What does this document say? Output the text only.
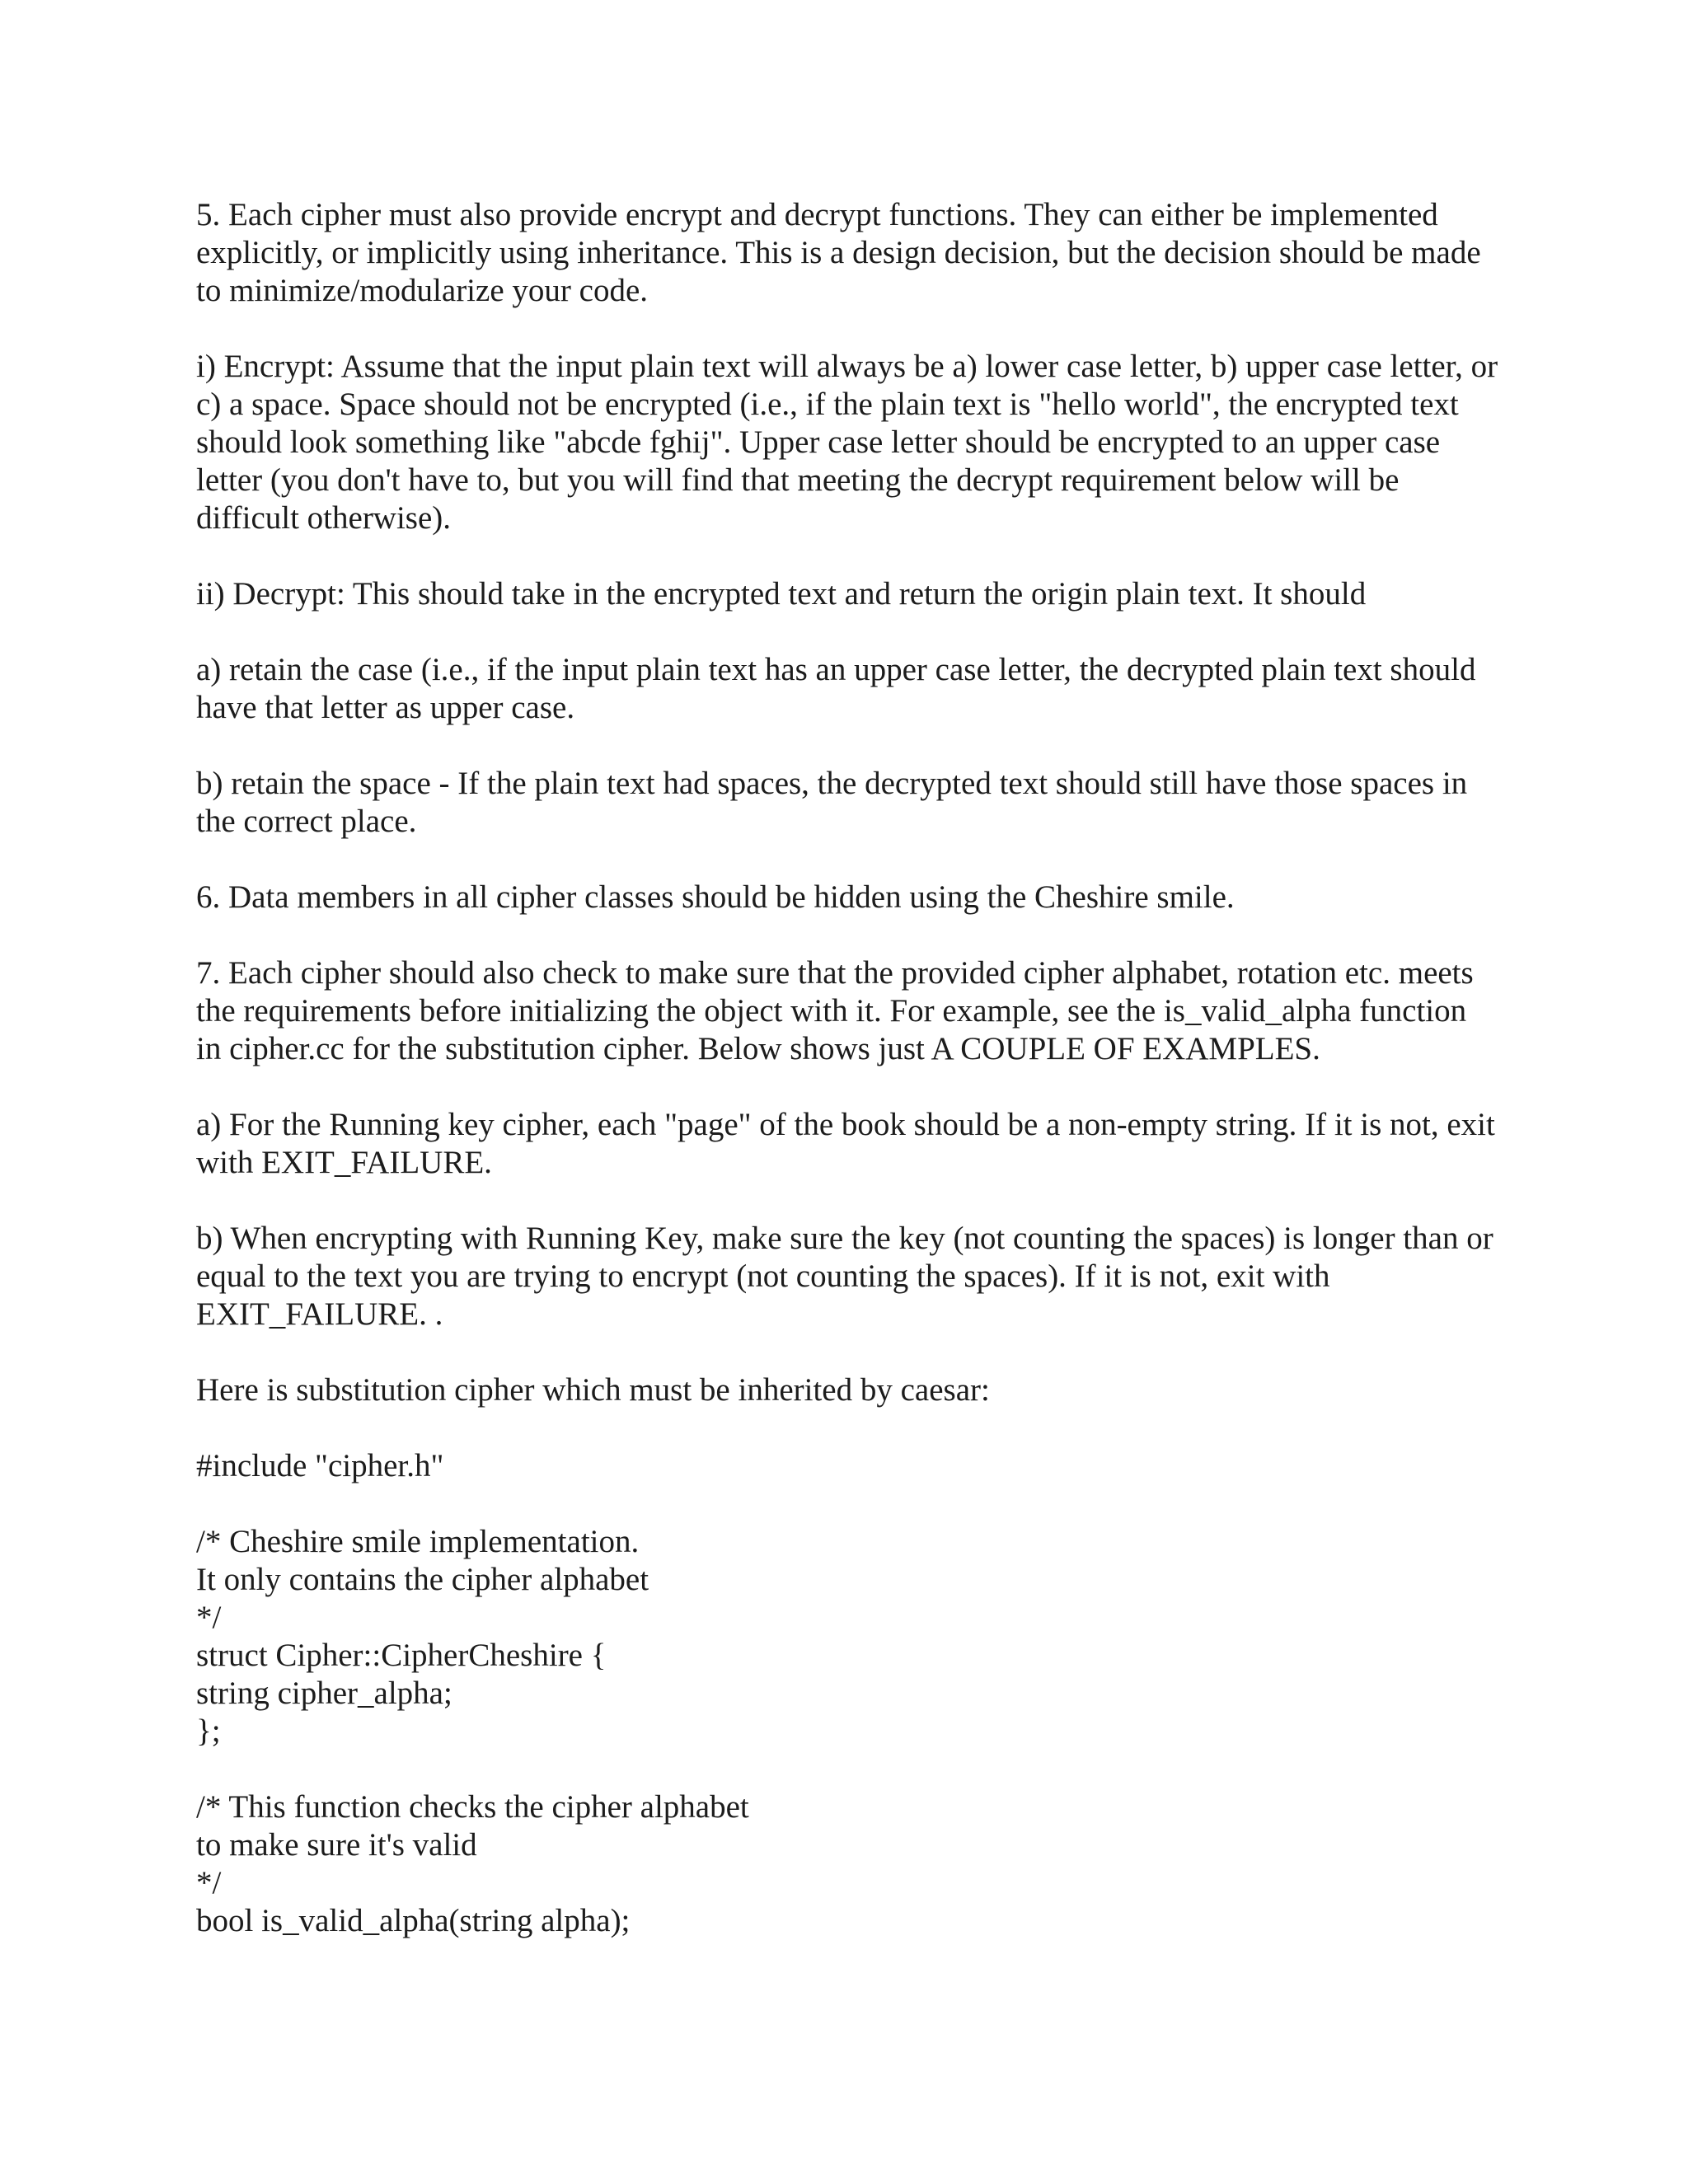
5. Each cipher must also provide encrypt and decrypt functions. They can either be implemented explicitly, or implicitly using inheritance. This is a design decision, but the decision should be made to minimize/modularize your code.

i) Encrypt: Assume that the input plain text will always be a) lower case letter, b) upper case letter, or c) a space. Space should not be encrypted (i.e., if the plain text is "hello world", the encrypted text should look something like "abcde fghij". Upper case letter should be encrypted to an upper case letter (you don't have to, but you will find that meeting the decrypt requirement below will be difficult otherwise).

ii) Decrypt: This should take in the encrypted text and return the origin plain text. It should

a) retain the case (i.e., if the input plain text has an upper case letter, the decrypted plain text should have that letter as upper case.

b) retain the space - If the plain text had spaces, the decrypted text should still have those spaces in the correct place.

6. Data members in all cipher classes should be hidden using the Cheshire smile.

7. Each cipher should also check to make sure that the provided cipher alphabet, rotation etc. meets the requirements before initializing the object with it. For example, see the is_valid_alpha function in cipher.cc for the substitution cipher. Below shows just A COUPLE OF EXAMPLES.

a) For the Running key cipher, each "page" of the book should be a non-empty string. If it is not, exit with EXIT_FAILURE.

b) When encrypting with Running Key, make sure the key (not counting the spaces) is longer than or equal to the text you are trying to encrypt (not counting the spaces). If it is not, exit with EXIT_FAILURE. .

Here is substitution cipher which must be inherited by caesar:

#include "cipher.h"
/* Cheshire smile implementation.
It only contains the cipher alphabet
*/
struct Cipher::CipherCheshire {
string cipher_alpha;
};
/* This function checks the cipher alphabet
to make sure it's valid
*/
bool is_valid_alpha(string alpha);
